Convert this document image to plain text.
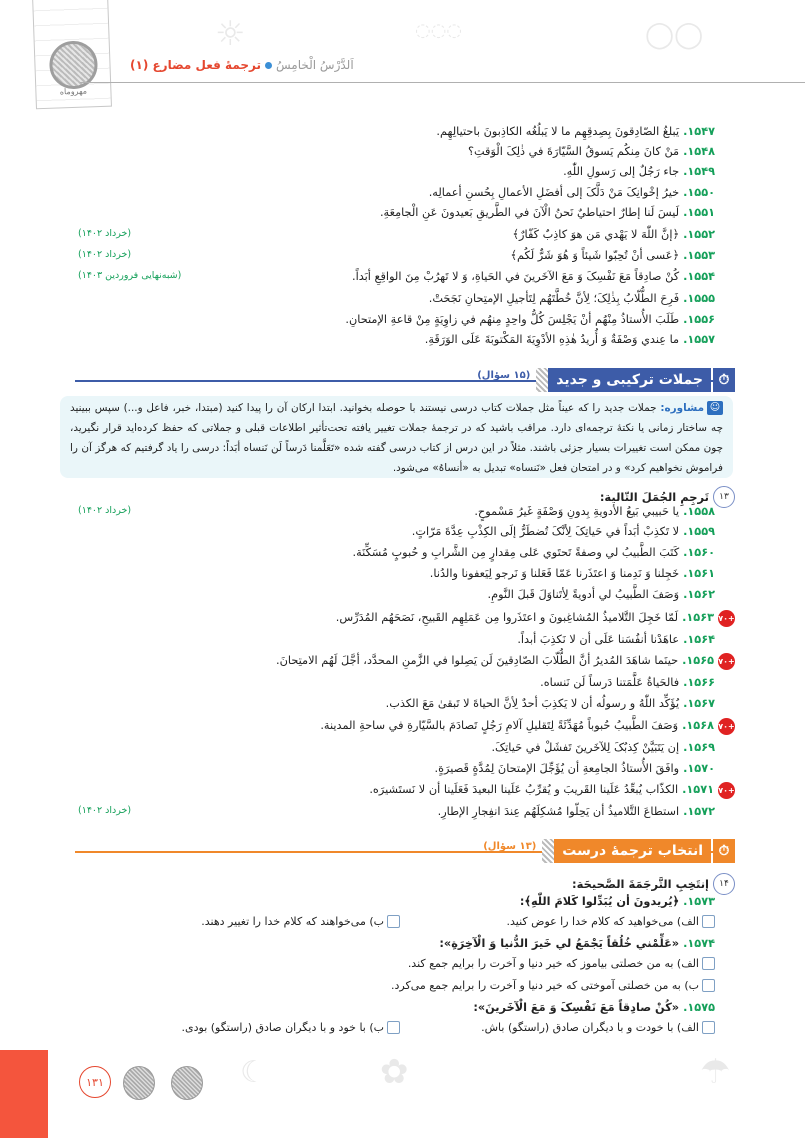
مهروماه
☼	◌◌◌	◯◯
اَلدَّرْسُ الْخامِسُترجمهٔ فعل مضارع (۱)
۱۵۴۷.یَبلغُ الصّادِقونَ بِصِدقِهِم ما لا یَبلُغُه الکاذِبونَ باحتیالِهِم.
۱۵۴۸.مَنْ کانَ مِنکُم یَسوقُ السَّیّارَةَ في ذٰلِکَ الْوَقتِ؟
۱۵۴۹.جاء رَجُلٌ إلی رَسولِ اللّٰهِ.
۱۵۵۰.خیرُ إخْوانِکَ مَنْ دَلَّکَ إلی أفضَلِ الأعمالِ بِحُسنِ أعمالِه.
۱۵۵۱.لَیسَ لَنا إطارٌ احتیاطيٌ نَحنُ الْآنَ في الطَّریقِ بَعیدونَ عَنِ الْجامِعَةِ.
۱۵۵۲.﴿إنَّ اللّٰهَ لا یَهْدي مَن هوَ کاذِبٌ کَفّارٌ﴾
(خرداد ۱۴۰۲)
۱۵۵۳.﴿عَسی أنْ تُحِبّوا شَیئاً وَ هُوَ شَرٌّ لَکُم﴾
(خرداد ۱۴۰۲)
۱۵۵۴.کُنْ صادِقاً مَعَ نَفْسِکَ وَ مَعَ الآخَرینَ في الحَیاةِ، وَ لا تَهرُبْ مِنَ الواقِعِ أبَداً.
(شبه‌نهایی فروردین ۱۴۰۳)
۱۵۵۵.فَرِحَ الطُّلّابُ بِذٰلِکَ؛ لِأنَّ خُطَّتَهُم لِتَأجیلِ الإمتِحانِ نَجَحَتْ.
۱۵۵۶.طَلَبَ الأُستاذُ مِنْهُم أنْ یَجْلِسَ کُلُّ واحِدٍ مِنهُم في زاوِیَةٍ مِنْ قاعةِ الإمتحانِ.
۱۵۵۷.ما عِندي وَصْفَةٌ وَ أُریدُ هٰذِهِ الأدْوِیَةَ المَکْتوبَةَ عَلَی الوَرَقَةِ.
⏱
جملات ترکیبی و جدید
(۱۵ سؤال)
☺مشاوره: جملات جدید را که عیناً مثل جملات کتاب درسی نیستند با حوصله بخوانید. ابتدا ارکان آن را پیدا کنید (مبتدا، خبر، فاعل و...) سپس ببینید چه ساختار زمانی یا نکتهٔ ترجمه‌ای دارد. مراقب باشید که در ترجمهٔ جملات تغییر یافته تحت‌تأثیر اطلاعات قبلی و جملاتی که حفظ کرده‌اید قرار نگیرید، چون ممکن است تغییرات بسیار جزئی باشند. مثلاً در این درس از کتاب درسی گفته شده «تَعَلَّمنا دَرساً لَن نَنساه أبَداً: درسی را یاد گرفتیم که هرگز آن را فراموش نخواهیم کرد» و در امتحان فعل «نَنساه» تبدیل به «أنساهُ» می‌شود.
۱۳
تَرجِمِ الجُمَلَ التّالیة:
۱۵۵۸.یا حَبیبي بَیعُ الأدویةِ بِدونِ وَصْفَةٍ غَیرُ مَسْموحٍ.
(خرداد ۱۴۰۲)
۱۵۵۹.لا تَکذِبْ أبَداً في حَیاتِکَ لِأنَّکَ تُضطَرُّ إلَی الکِذْبِ عِدَّةَ مَرّاتٍ.
۱۵۶۰.کَتَبَ الطَّبیبُ لي وصفةً تَحتَوي عَلی مِقدارٍ مِن الشَّرابِ و حُبوبٍ مُسَکِّنَة.
۱۵۶۱.خَجِلنا وَ نَدِمنا وَ اعتَذَرنا عَمّا فَعَلنا وَ نَرجو لِیَعفونا والدُنا.
۱۵۶۲.وَصَفَ الطَّبیبُ لي أدویةً لِأتَناوَلَ قَبلَ النَّومِ.
+۷۰۱۵۶۳.لَمّا خَجِلَ التَّلامیذُ المُشاغِبونَ و اعتَذَروا مِن عَمَلِهِم القَبیحِ، نَصَحَهُم المُدَرِّس.
۱۵۶۴.عاهَدْنا أنفُسَنا عَلَی أن لا نَکذِبَ أبداً.
+۷۰۱۵۶۵.حینَما شاهَدَ المُدیرُ أنَّ الطُّلّابَ الصّادِقینَ لَن یَصِلوا في الزَّمنِ المحدَّد، أجَّلَ لَهُم الامتِحانَ.
۱۵۶۶.فالحَیاةُ عَلَّمَتنا دَرساً لَن نَنساه.
۱۵۶۷.یُؤَکِّد اللّٰهُ و رسولُه أن لا یَکذِبَ أحدٌ لِأنَّ الحیاةَ لا تَبقیٰ مَعَ الکذب.
+۷۰۱۵۶۸.وَصَفَ الطَّبیبُ حُبوباً مُهَدِّئَةً لِتَقلیلِ آلامِ رَجُلٍ تَصادَمَ بالسَّیّارةِ في ساحةِ المدینة.
۱۵۶۹.إن یَتَبَیَّنْ کِذبُکَ لِلآخَرینَ تَفشَلْ في حَیاتِکَ.
۱۵۷۰.وافَقَ الأُستاذُ الجامِعةِ أن یُؤَجِّلَ الإمتحانَ لِمُدَّةٍ قَصیرَةٍ.
+۷۰۱۵۷۱.الکذّاب یُبعِّدُ عَلَینا القَریبَ و یُقرِّبُ عَلَینا البعیدَ فَعَلَینا أن لا نَستَشیرَه.
۱۵۷۲.استطاعَ التَّلامیذُ أن یَحِلّوا مُشکِلَهُم عِندَ انفِجارِ الإطارِ.
(خرداد ۱۴۰۲)
⏱
انتخاب ترجمهٔ درست
(۱۳ سؤال)
۱۴
إنتَخِبِ التَّرجَمَةَ الصَّحیحَة:
۱۵۷۳.﴿یُریدونَ أن یُبَدِّلوا کَلامَ اللّٰهِ﴾:
الف) می‌خواهید که کلام خدا را عوض کنید.
ب) می‌خواهند که کلام خدا را تغییر دهند.
۱۵۷۴.«عَلِّمْني خُلُقاً یَجْمَعُ لي خَیرَ الدُّنیا وَ الْآخِرَةِ»:
الف) به من خصلتی بیاموز که خیر دنیا و آخرت را برایم جمع کند.
ب) به من خصلتی آموختی که خیر دنیا و آخرت را برایم جمع می‌کرد.
۱۵۷۵.«کُنْ صادِقاً مَعَ نَفْسِکَ وَ مَعَ الْآخَرینَ»:
الف) با خودت و با دیگران صادق (راستگو) باش.
ب) با خود و با دیگران صادق (راستگو) بودی.
۱۳۱	☾	✿	☂
